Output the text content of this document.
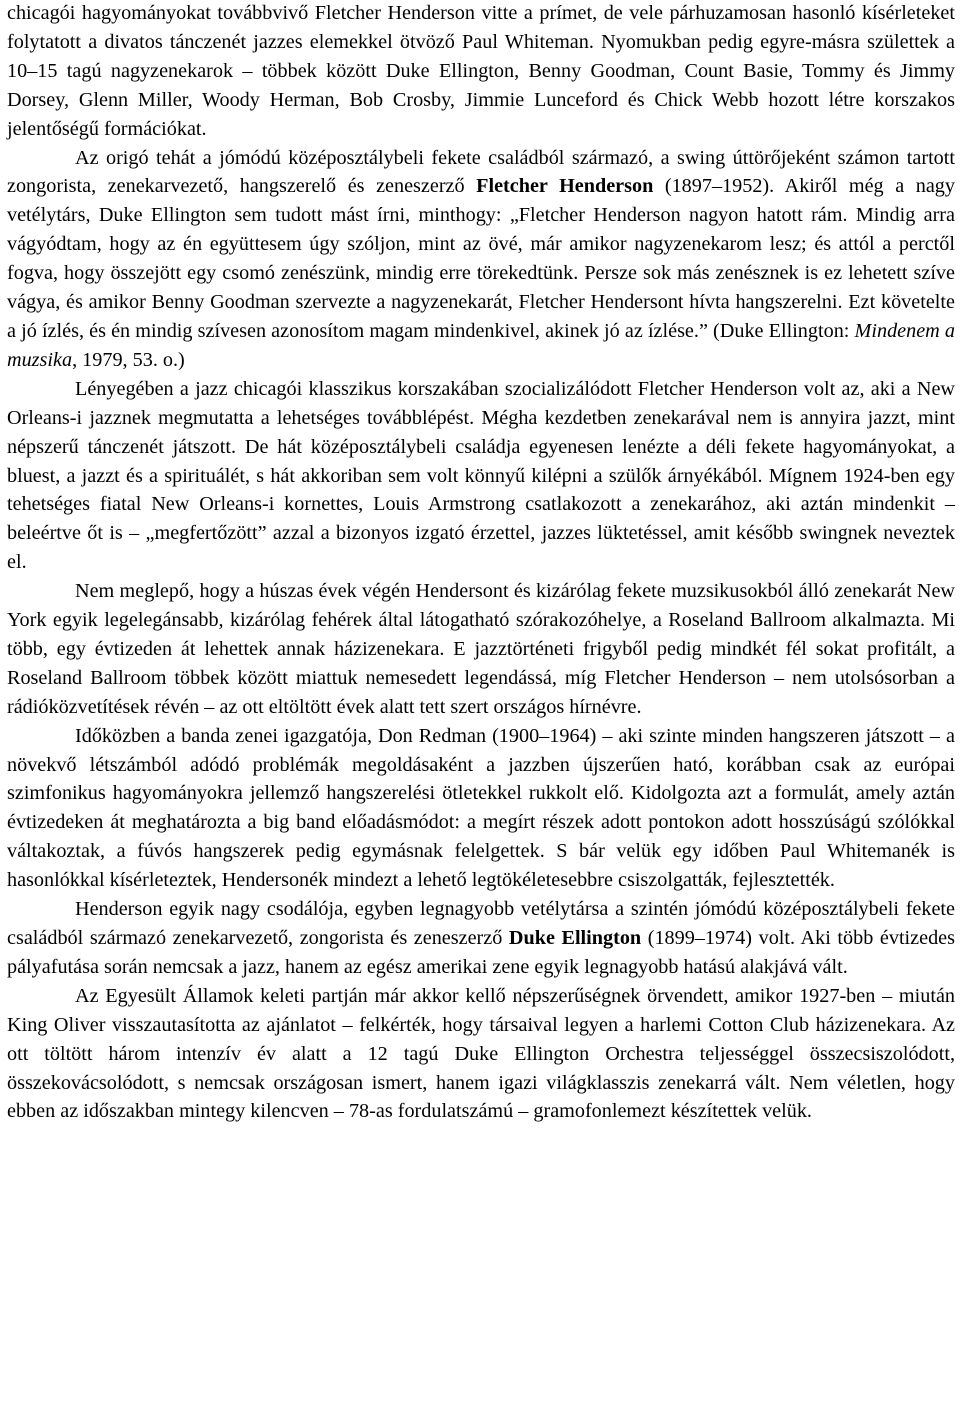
chicagói hagyományokat továbbvivő Fletcher Henderson vitte a prímet, de vele párhuzamosan hasonló kísérleteket folytatott a divatos tánczenét jazzes elemekkel ötvöző Paul Whiteman. Nyomukban pedig egyre-másra születtek a 10–15 tagú nagyzenekarok – többek között Duke Ellington, Benny Goodman, Count Basie, Tommy és Jimmy Dorsey, Glenn Miller, Woody Herman, Bob Crosby, Jimmie Lunceford és Chick Webb hozott létre korszakos jelentőségű formációkat.

Az origó tehát a jómódú középosztálybeli fekete családból származó, a swing úttörőjeként számon tartott zongorista, zenekarvezető, hangszerelő és zeneszerző Fletcher Henderson (1897–1952). Akiről még a nagy vetélytárs, Duke Ellington sem tudott mást írni, minthogy: „Fletcher Henderson nagyon hatott rám. Mindig arra vágyódtam, hogy az én együttesem úgy szóljon, mint az övé, már amikor nagyzenekarom lesz; és attól a perctől fogva, hogy összejött egy csomó zenészünk, mindig erre törekedtünk. Persze sok más zenésznek is ez lehetett szíve vágya, és amikor Benny Goodman szervezte a nagyzenekarát, Fletcher Hendersont hívta hangszerelni. Ezt követelte a jó ízlés, és én mindig szívesen azonosítom magam mindenkivel, akinek jó az ízlése.” (Duke Ellington: Mindenem a muzsika, 1979, 53. o.)

Lényegében a jazz chicagói klasszikus korszakában szocializálódott Fletcher Henderson volt az, aki a New Orleans-i jazznek megmutatta a lehetséges továbblépést. Mégha kezdetben zenekarával nem is annyira jazzt, mint népszerű tánczenét játszott. De hát középosztálybeli családja egyenesen lenézte a déli fekete hagyományokat, a bluest, a jazzt és a spirituálét, s hát akkoriban sem volt könnyű kilépni a szülők árnyékából. Mígnem 1924-ben egy tehetséges fiatal New Orleans-i kornettes, Louis Armstrong csatlakozott a zenekarához, aki aztán mindenkit – beleértve őt is – „megfertőzött” azzal a bizonyos izgató érzettel, jazzes lüktetéssel, amit később swingnek neveztek el.

Nem meglepő, hogy a húszas évek végén Hendersont és kizárólag fekete muzsikusokból álló zenekarát New York egyik legelegánsabb, kizárólag fehérek által látogatható szórakozóhelye, a Roseland Ballroom alkalmazta. Mi több, egy évtizeden át lehettek annak házizenekara. E jazztörténeti frigyből pedig mindkét fél sokat profitált, a Roseland Ballroom többek között miattuk nemesedett legendássá, míg Fletcher Henderson – nem utolsósorban a rádióközvetítések révén – az ott eltöltött évek alatt tett szert országos hírnévre.

Időközben a banda zenei igazgatója, Don Redman (1900–1964) – aki szinte minden hangszeren játszott – a növekvő létszámból adódó problémák megoldásaként a jazzben újszerűen ható, korábban csak az európai szimfonikus hagyományokra jellemző hangszerelési ötletekkel rukkolt elő. Kidolgozta azt a formulát, amely aztán évtizedeken át meghatározta a big band előadásmódot: a megírt részek adott pontokon adott hosszúságú szólókkal váltakoztak, a fúvós hangszerek pedig egymásnak felelgettek. S bár velük egy időben Paul Whitemanék is hasonlókkal kísérleteztek, Hendersonék mindezt a lehető legtökéletesebbre csiszolgatták, fejlesztették.

Henderson egyik nagy csodálója, egyben legnagyobb vetélytársa a szintén jómódú középosztálybeli fekete családból származó zenekarvezető, zongorista és zeneszerző Duke Ellington (1899–1974) volt. Aki több évtizedes pályafutása során nemcsak a jazz, hanem az egész amerikai zene egyik legnagyobb hatású alakjává vált.

Az Egyesült Államok keleti partján már akkor kellő népszerűségnek örvendett, amikor 1927-ben – miután King Oliver visszautasította az ajánlatot – felkérték, hogy társaival legyen a harlemi Cotton Club házizenekara. Az ott töltött három intenzív év alatt a 12 tagú Duke Ellington Orchestra teljességgel összecsiszolódott, összekovácsolódott, s nemcsak országosan ismert, hanem igazi világklasszis zenekarrá vált. Nem véletlen, hogy ebben az időszakban mintegy kilencven – 78-as fordulatszámú – gramofonlemezt készítettek velük.
